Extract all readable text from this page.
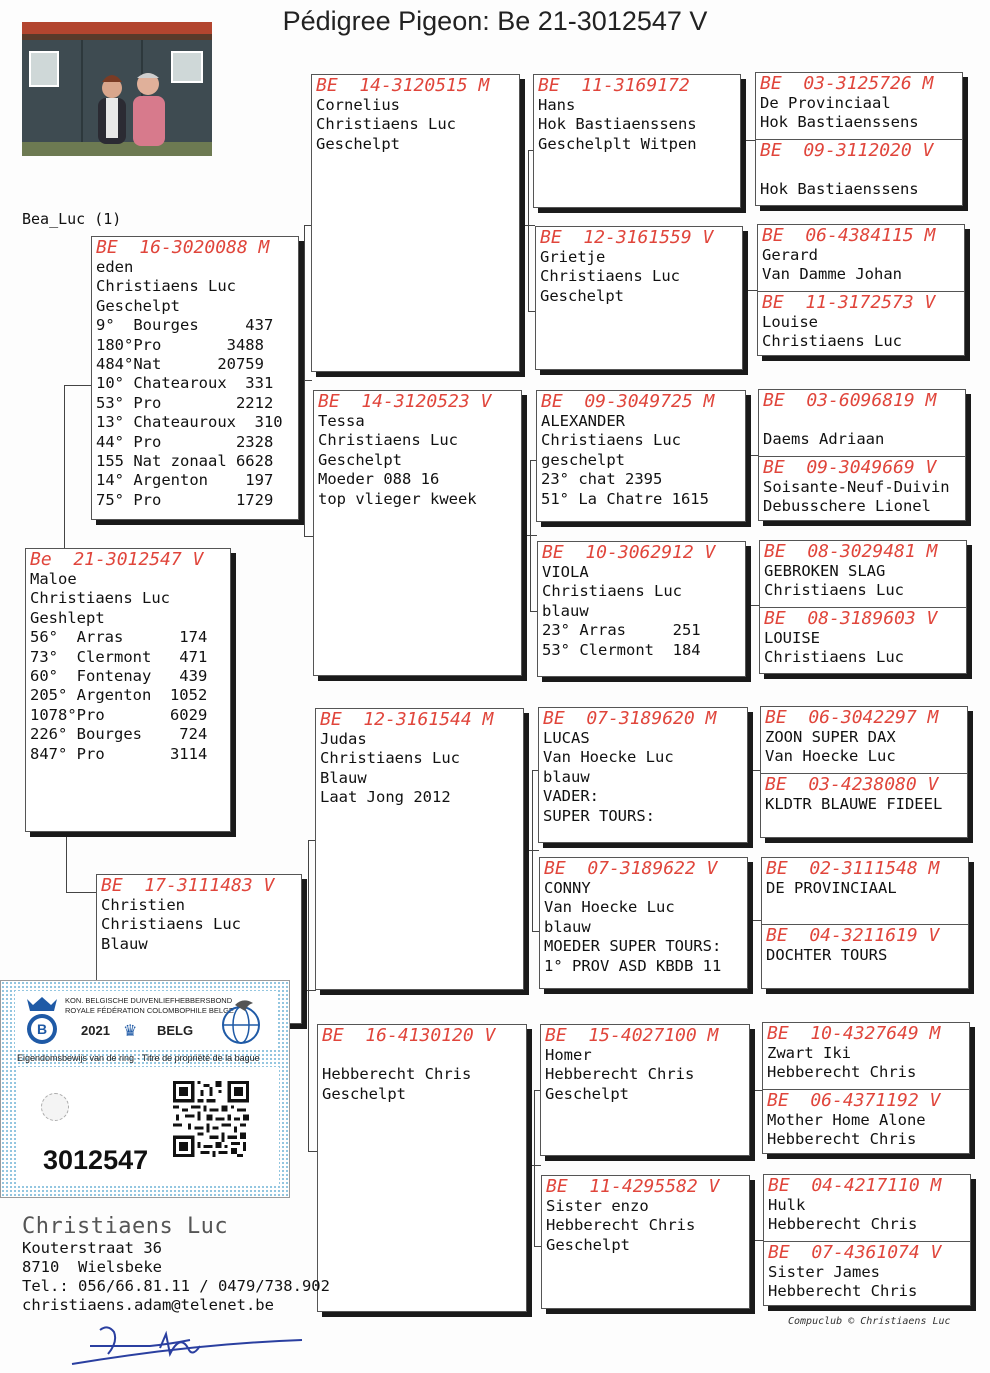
Pédigree Pigeon: Be 21-3012547 V
Bea_Luc (1)
BE  16-3020088 M
eden
Christiaens Luc
Geschelpt
9°  Bourges     437
180°Pro       3488
484°Nat      20759
10° Chatearoux  331
53° Pro        2212
13° Chateauroux  310
44° Pro        2328
155 Nat zonaal 6628
14° Argenton    197
75° Pro        1729
Be  21-3012547 V
Maloe
Christiaens Luc
Geshlept
56°  Arras      174
73°  Clermont   471
60°  Fontenay   439
205° Argenton  1052
1078°Pro       6029
226° Bourges    724
847° Pro       3114
BE  17-3111483 V
Christien
Christiaens Luc
Blauw
BE  14-3120515 M
Cornelius
Christiaens Luc
Geschelpt
BE  14-3120523 V
Tessa
Christiaens Luc
Geschelpt
Moeder 088 16
top vlieger kweek
BE  12-3161544 M
Judas
Christiaens Luc
Blauw
Laat Jong 2012
BE  16-4130120 V

Hebberecht Chris
Geschelpt
BE  11-3169172
Hans
Hok Bastiaenssens
Geschelplt Witpen
BE  12-3161559 V
Grietje
Christiaens Luc
Geschelpt
BE  09-3049725 M
ALEXANDER
Christiaens Luc
geschelpt
23° chat 2395
51° La Chatre 1615
BE  10-3062912 V
VIOLA
Christiaens Luc
blauw
23° Arras     251
53° Clermont  184
BE  07-3189620 M
LUCAS
Van Hoecke Luc
blauw
VADER:
SUPER TOURS:
BE  07-3189622 V
CONNY
Van Hoecke Luc
blauw
MOEDER SUPER TOURS:
1° PROV ASD KBDB 11
BE  15-4027100 M
Homer
Hebberecht Chris
Geschelpt
BE  11-4295582 V
Sister enzo
Hebberecht Chris
Geschelpt
BE  03-3125726 M
De Provinciaal
Hok Bastiaenssens
BE  09-3112020 V

Hok Bastiaenssens
BE  06-4384115 M
Gerard
Van Damme Johan
BE  11-3172573 V
Louise
Christiaens Luc
BE  03-6096819 M

Daems Adriaan
BE  09-3049669 V
Soisante-Neuf-Duivin
Debusschere Lionel
BE  08-3029481 M
GEBROKEN SLAG
Christiaens Luc
BE  08-3189603 V
LOUISE
Christiaens Luc
BE  06-3042297 M
ZOON SUPER DAX
Van Hoecke Luc
BE  03-4238080 V
KLDTR BLAUWE FIDEEL
BE  02-3111548 M
DE PROVINCIAAL
BE  04-3211619 V
DOCHTER TOURS
BE  10-4327649 M
Zwart Iki
Hebberecht Chris
BE  06-4371192 V
Mother Home Alone
Hebberecht Chris
BE  04-4217110 M
Hulk
Hebberecht Chris
BE  07-4361074 V
Sister James
Hebberecht Chris
B
KON. BELGISCHE DUIVENLIEFHEBBERSBOND
ROYALE FÉDÉRATION COLOMBOPHILE BELGE
2021 ♛ BELG
Eigendomsbewijs van de ring · Titre de propriété de la bague
3012547
Christiaens Luc
Kouterstraat 36
8710  Wielsbeke
Tel.: 056/66.81.11 / 0479/738.902
christiaens.adam@telenet.be
Compuclub © Christiaens Luc
